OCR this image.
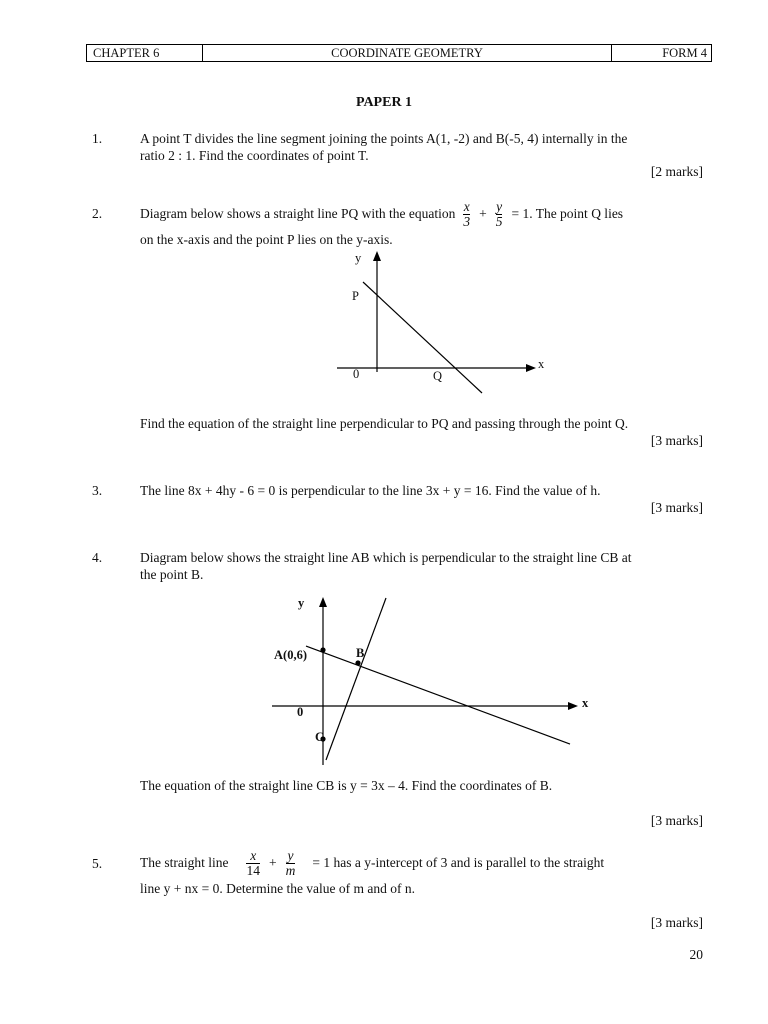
CHAPTER 6	COORDINATE GEOMETRY	FORM 4
PAPER 1
1.	A point T divides the line segment joining the points A(1, -2) and B(-5, 4) internally in the
ratio 2 : 1. Find the coordinates of point T.
[2 marks]
2.	Diagram below shows a straight line PQ with the equation $\frac{x}{3} + \frac{y}{5} = 1$. The point Q lies
on the x-axis and the point P lies on the y-axis.
y
x
P
0	Q
Find the equation of the straight line perpendicular to PQ and passing through the point Q.
[3 marks]
3.	The line 8x + 4hy - 6 = 0 is perpendicular to the line 3x + y = 16. Find the value of h.
[3 marks]
4.	Diagram below shows the straight line AB which is perpendicular to the straight line CB at
the point B.
y
x
A(0,6)	B
0
C
The equation of the straight line CB is y = 3x – 4. Find the coordinates of B.
[3 marks]
5.	The straight line $\frac{x}{14} + \frac{y}{m} = 1$ has a y-intercept of 3 and is parallel to the straight
line y + nx = 0. Determine the value of m and of n.
[3 marks]
20
